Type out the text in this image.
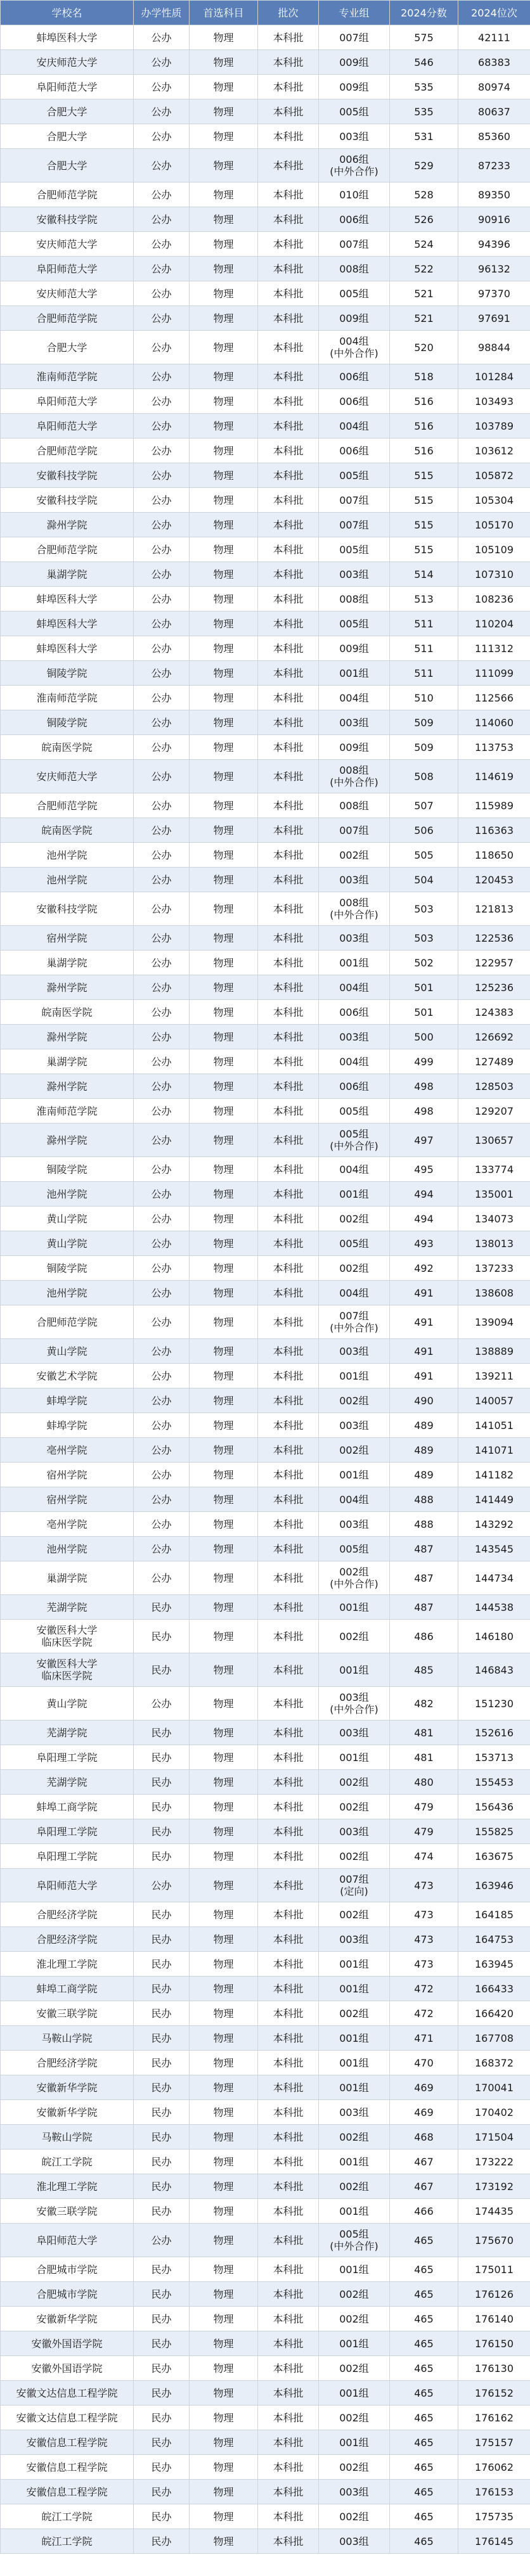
学校名	办学性质	首选科目	批次	专业组	2024分数	2024位次

蚌埠医科大学	公办	物理	本科批	007组	575	42111

安庆师范大学	公办	物理	本科批	009组	546	68383

阜阳师范大学	公办	物理	本科批	009组	535	80974

合肥大学	公办	物理	本科批	005组	535	80637

合肥大学	公办	物理	本科批	003组	531	85360

合肥大学	公办	物理	本科批	006组
(中外合作)	529	87233

合肥师范学院	公办	物理	本科批	010组	528	89350

安徽科技学院	公办	物理	本科批	006组	526	90916

安庆师范大学	公办	物理	本科批	007组	524	94396

阜阳师范大学	公办	物理	本科批	008组	522	96132

安庆师范大学	公办	物理	本科批	005组	521	97370

合肥师范学院	公办	物理	本科批	009组	521	97691

合肥大学	公办	物理	本科批	004组
(中外合作)	520	98844

淮南师范学院	公办	物理	本科批	006组	518	101284

阜阳师范大学	公办	物理	本科批	006组	516	103493

阜阳师范大学	公办	物理	本科批	004组	516	103789

合肥师范学院	公办	物理	本科批	006组	516	103612

安徽科技学院	公办	物理	本科批	005组	515	105872

安徽科技学院	公办	物理	本科批	007组	515	105304

滁州学院	公办	物理	本科批	007组	515	105170

合肥师范学院	公办	物理	本科批	005组	515	105109

巢湖学院	公办	物理	本科批	003组	514	107310

蚌埠医科大学	公办	物理	本科批	008组	513	108236

蚌埠医科大学	公办	物理	本科批	005组	511	110204

蚌埠医科大学	公办	物理	本科批	009组	511	111312

铜陵学院	公办	物理	本科批	001组	511	111099

淮南师范学院	公办	物理	本科批	004组	510	112566

铜陵学院	公办	物理	本科批	003组	509	114060

皖南医学院	公办	物理	本科批	009组	509	113753

安庆师范大学	公办	物理	本科批	008组
(中外合作)	508	114619

合肥师范学院	公办	物理	本科批	008组	507	115989

皖南医学院	公办	物理	本科批	007组	506	116363

池州学院	公办	物理	本科批	002组	505	118650

池州学院	公办	物理	本科批	003组	504	120453

安徽科技学院	公办	物理	本科批	008组
(中外合作)	503	121813

宿州学院	公办	物理	本科批	003组	503	122536

巢湖学院	公办	物理	本科批	001组	502	122957

滁州学院	公办	物理	本科批	004组	501	125236

皖南医学院	公办	物理	本科批	006组	501	124383

滁州学院	公办	物理	本科批	003组	500	126692

巢湖学院	公办	物理	本科批	004组	499	127489

滁州学院	公办	物理	本科批	006组	498	128503

淮南师范学院	公办	物理	本科批	005组	498	129207

滁州学院	公办	物理	本科批	005组
(中外合作)	497	130657

铜陵学院	公办	物理	本科批	004组	495	133774

池州学院	公办	物理	本科批	001组	494	135001

黄山学院	公办	物理	本科批	002组	494	134073

黄山学院	公办	物理	本科批	005组	493	138013

铜陵学院	公办	物理	本科批	002组	492	137233

池州学院	公办	物理	本科批	004组	491	138608

合肥师范学院	公办	物理	本科批	007组
(中外合作)	491	139094

黄山学院	公办	物理	本科批	003组	491	138889

安徽艺术学院	公办	物理	本科批	001组	491	139211

蚌埠学院	公办	物理	本科批	002组	490	140057

蚌埠学院	公办	物理	本科批	003组	489	141051

亳州学院	公办	物理	本科批	002组	489	141071

宿州学院	公办	物理	本科批	001组	489	141182

宿州学院	公办	物理	本科批	004组	488	141449

亳州学院	公办	物理	本科批	003组	488	143292

池州学院	公办	物理	本科批	005组	487	143545

巢湖学院	公办	物理	本科批	002组
(中外合作)	487	144734

芜湖学院	民办	物理	本科批	001组	487	144538

安徽医科大学
临床医学院	民办	物理	本科批	002组	486	146180

安徽医科大学
临床医学院	民办	物理	本科批	001组	485	146843

黄山学院	公办	物理	本科批	003组
(中外合作)	482	151230

芜湖学院	民办	物理	本科批	003组	481	152616

阜阳理工学院	民办	物理	本科批	001组	481	153713

芜湖学院	民办	物理	本科批	002组	480	155453

蚌埠工商学院	民办	物理	本科批	002组	479	156436

阜阳理工学院	民办	物理	本科批	003组	479	155825

阜阳理工学院	民办	物理	本科批	002组	474	163675

阜阳师范大学	公办	物理	本科批	007组
(定向)	473	163946

合肥经济学院	民办	物理	本科批	002组	473	164185

合肥经济学院	民办	物理	本科批	003组	473	164753

淮北理工学院	民办	物理	本科批	001组	473	163945

蚌埠工商学院	民办	物理	本科批	001组	472	166433

安徽三联学院	民办	物理	本科批	002组	472	166420

马鞍山学院	民办	物理	本科批	001组	471	167708

合肥经济学院	民办	物理	本科批	001组	470	168372

安徽新华学院	民办	物理	本科批	001组	469	170041

安徽新华学院	民办	物理	本科批	003组	469	170402

马鞍山学院	民办	物理	本科批	002组	468	171504

皖江工学院	民办	物理	本科批	001组	467	173222

淮北理工学院	民办	物理	本科批	002组	467	173192

安徽三联学院	民办	物理	本科批	001组	466	174435

阜阳师范大学	公办	物理	本科批	005组
(中外合作)	465	175670

合肥城市学院	民办	物理	本科批	001组	465	175011

合肥城市学院	民办	物理	本科批	002组	465	176126

安徽新华学院	民办	物理	本科批	002组	465	176140

安徽外国语学院	民办	物理	本科批	001组	465	176150

安徽外国语学院	民办	物理	本科批	002组	465	176130

安徽文达信息工程学院	民办	物理	本科批	001组	465	176152

安徽文达信息工程学院	民办	物理	本科批	002组	465	176162

安徽信息工程学院	民办	物理	本科批	001组	465	175157

安徽信息工程学院	民办	物理	本科批	002组	465	176062

安徽信息工程学院	民办	物理	本科批	003组	465	176153

皖江工学院	民办	物理	本科批	002组	465	175735

皖江工学院	民办	物理	本科批	003组	465	176145
